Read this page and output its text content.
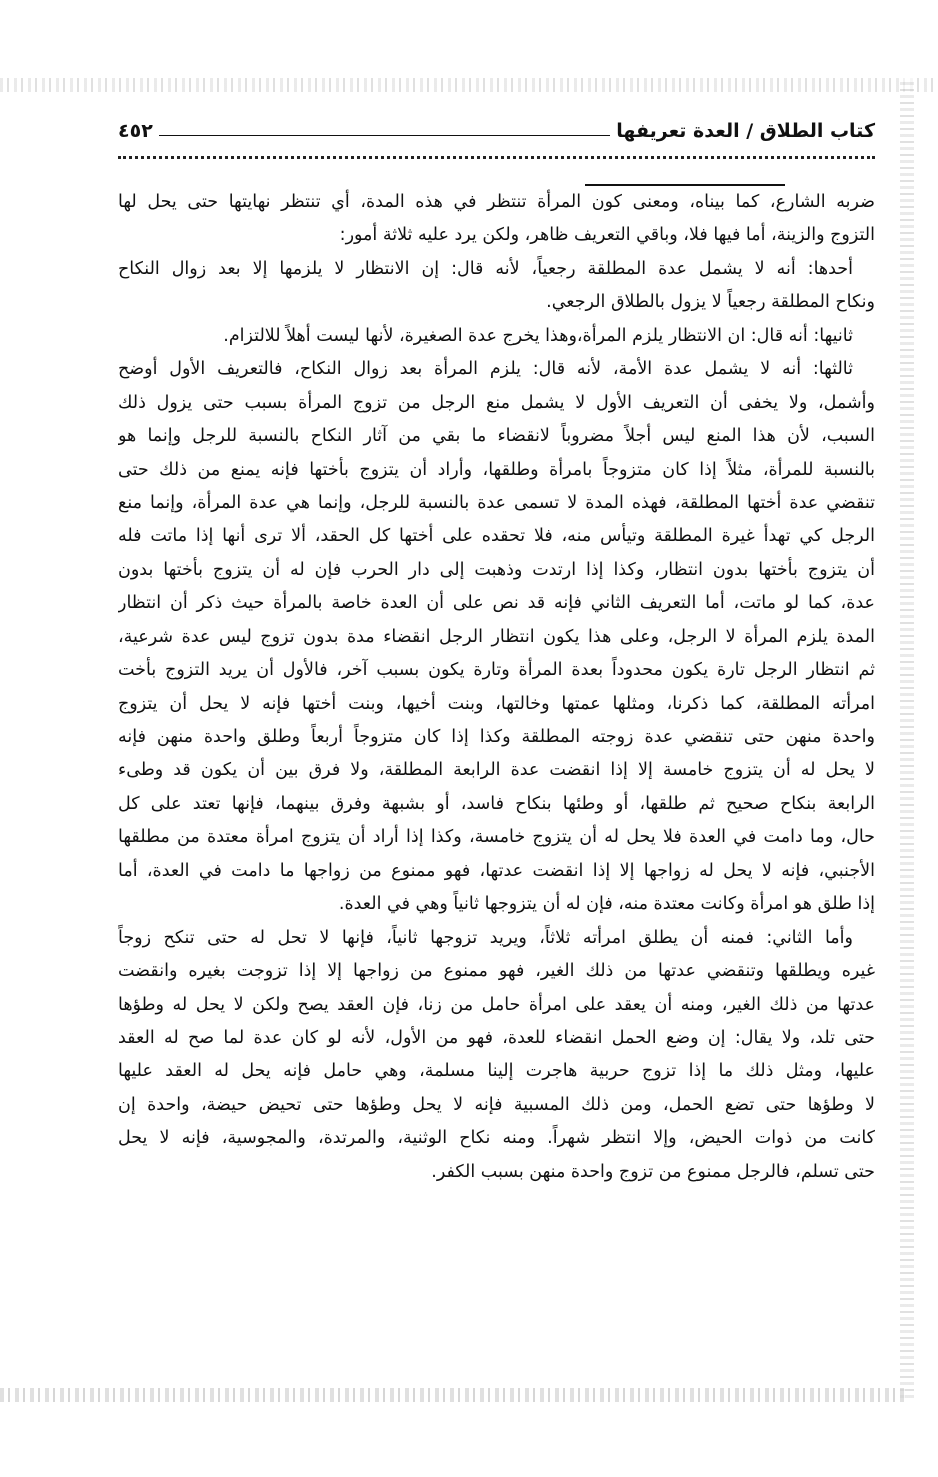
كتاب الطلاق / العدة تعريفها
٤٥٢
ضربه الشارع، كما بيناه، ومعنى كون المرأة تنتظر في هذه المدة، أي تنتظر نهايتها حتى يحل لها
التزوج والزينة، أما فيها فلا، وباقي التعريف ظاهر، ولكن يرد عليه ثلاثة أمور:
أحدها: أنه لا يشمل عدة المطلقة رجعياً، لأنه قال: إن الانتظار لا يلزمها إلا بعد زوال النكاح
ونكاح المطلقة رجعياً لا يزول بالطلاق الرجعي.
ثانيها: أنه قال: ان الانتظار يلزم المرأة،وهذا يخرج عدة الصغيرة، لأنها ليست أهلاً للالتزام.
ثالثها: أنه لا يشمل عدة الأمة، لأنه قال: يلزم المرأة بعد زوال النكاح، فالتعريف الأول أوضح
وأشمل، ولا يخفى أن التعريف الأول لا يشمل منع الرجل من تزوج المرأة بسبب حتى يزول ذلك
السبب، لأن هذا المنع ليس أجلاً مضروباً لانقضاء ما بقي من آثار النكاح بالنسبة للرجل وإنما هو
بالنسبة للمرأة، مثلاً إذا كان متزوجاً بامرأة وطلقها، وأراد أن يتزوج بأختها فإنه يمنع من ذلك حتى
تنقضي عدة أختها المطلقة، فهذه المدة لا تسمى عدة بالنسبة للرجل، وإنما هي عدة المرأة، وإنما منع
الرجل كي تهدأ غيرة المطلقة وتيأس منه، فلا تحقده على أختها كل الحقد، ألا ترى أنها إذا ماتت فله
أن يتزوج بأختها بدون انتظار، وكذا إذا ارتدت وذهبت إلى دار الحرب فإن له أن يتزوج بأختها بدون
عدة، كما لو ماتت، أما التعريف الثاني فإنه قد نص على أن العدة خاصة بالمرأة حيث ذكر أن انتظار
المدة يلزم المرأة لا الرجل، وعلى هذا يكون انتظار الرجل انقضاء مدة بدون تزوج ليس عدة شرعية،
ثم انتظار الرجل تارة يكون محدوداً بعدة المرأة وتارة يكون بسبب آخر، فالأول أن يريد التزوج بأخت
امرأته المطلقة، كما ذكرنا، ومثلها عمتها وخالتها، وبنت أخيها، وبنت أختها فإنه لا يحل أن يتزوج
واحدة منهن حتى تنقضي عدة زوجته المطلقة وكذا إذا كان متزوجاً أربعاً وطلق واحدة منهن فإنه
لا يحل له أن يتزوج خامسة إلا إذا انقضت عدة الرابعة المطلقة، ولا فرق بين أن يكون قد وطىء
الرابعة بنكاح صحيح ثم طلقها، أو وطئها بنكاح فاسد، أو بشبهة وفرق بينهما، فإنها تعتد على كل
حال، وما دامت في العدة فلا يحل له أن يتزوج خامسة، وكذا إذا أراد أن يتزوج امرأة معتدة من مطلقها
الأجنبي، فإنه لا يحل له زواجها إلا إذا انقضت عدتها، فهو ممنوع من زواجها ما دامت في العدة، أما
إذا طلق هو امرأة وكانت معتدة منه، فإن له أن يتزوجها ثانياً وهي في العدة.
وأما الثاني: فمنه أن يطلق امرأته ثلاثاً، ويريد تزوجها ثانياً، فإنها لا تحل له حتى تنكح زوجاً
غيره ويطلقها وتنقضي عدتها من ذلك الغير، فهو ممنوع من زواجها إلا إذا تزوجت بغيره وانقضت
عدتها من ذلك الغير، ومنه أن يعقد على امرأة حامل من زنا، فإن العقد يصح ولكن لا يحل له وطؤها
حتى تلد، ولا يقال: إن وضع الحمل انقضاء للعدة، فهو من الأول، لأنه لو كان عدة لما صح له العقد
عليها، ومثل ذلك ما إذا تزوج حربية هاجرت إلينا مسلمة، وهي حامل فإنه يحل له العقد عليها
لا وطؤها حتى تضع الحمل، ومن ذلك المسبية فإنه لا يحل وطؤها حتى تحيض حيضة، واحدة إن
كانت من ذوات الحيض، وإلا انتظر شهراً. ومنه نكاح الوثنية، والمرتدة، والمجوسية، فإنه لا يحل
حتى تسلم، فالرجل ممنوع من تزوج واحدة منهن بسبب الكفر.
